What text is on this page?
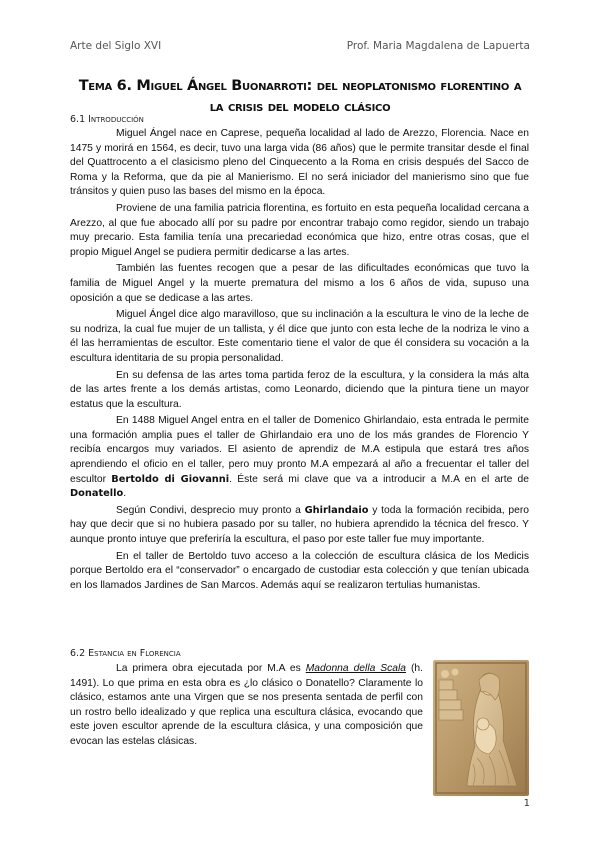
Arte del Siglo XVI	Prof. Maria Magdalena de Lapuerta
Tema 6. Miguel Ángel Buonarroti: del neoplatonismo florentino a
la crisis del modelo clásico
6.1 Introducción

Miguel Ángel nace en Caprese, pequeña localidad al lado de Arezzo, Florencia. Nace en 1475 y morirá en 1564, es decir, tuvo una larga vida (86 años) que le permite transitar desde el final del Quattrocento a el clasicismo pleno del Cinquecento a la Roma en crisis después del Sacco de Roma y la Reforma, que da pie al Manierismo. El no será iniciador del manierismo sino que fue tránsitos y quien puso las bases del mismo en la época.

Proviene de una familia patricia florentina, es fortuito en esta pequeña localidad cercana a Arezzo, al que fue abocado allí por su padre por encontrar trabajo como regidor, siendo un trabajo muy precario. Esta familia tenía una precariedad económica que hizo, entre otras cosas, que el propio Miguel Angel se pudiera permitir dedicarse a las artes.

También las fuentes recogen que a pesar de las dificultades económicas que tuvo la familia de Miguel Angel y la muerte prematura del mismo a los 6 años de vida, supuso una oposición a que se dedicase a las artes.

Miguel Ángel dice algo maravilloso, que su inclinación a la escultura le vino de la leche de su nodriza, la cual fue mujer de un tallista, y él dice que junto con esta leche de la nodriza le vino a él las herramientas de escultor. Este comentario tiene el valor de que él considera su vocación a la escultura identitaria de su propia personalidad.

En su defensa de las artes toma partida feroz de la escultura, y la considera la más alta de las artes frente a los demás artistas, como Leonardo, diciendo que la pintura tiene un mayor estatus que la escultura.

En 1488 Miguel Angel entra en el taller de Domenico Ghirlandaio, esta entrada le permite una formación amplia pues el taller de Ghirlandaio era uno de los más grandes de Florencio Y recibía encargos muy variados. El asiento de aprendiz de M.A estipula que estará tres años aprendiendo el oficio en el taller, pero muy pronto M.A empezará al año a frecuentar el taller del escultor Bertoldo di Giovanni. Éste será mi clave que va a introducir a M.A en el arte de Donatello.

Según Condivi, desprecio muy pronto a Ghirlandaio y toda la formación recibida, pero hay que decir que si no hubiera pasado por su taller, no hubiera aprendido la técnica del fresco. Y aunque pronto intuye que preferiría la escultura, el paso por este taller fue muy importante.

En el taller de Bertoldo tuvo acceso a la colección de escultura clásica de los Medicis porque Bertoldo era el “conservador” o encargado de custodiar esta colección y que tenían ubicada en los llamados Jardines de San Marcos. Además aquí se realizaron tertulias humanistas.

6.2 Estancia en Florencia

La primera obra ejecutada por M.A es Madonna della Scala (h. 1491). Lo que prima en esta obra es ¿lo clásico o Donatello? Claramente lo clásico, estamos ante una Virgen que se nos presenta sentada de perfil con un rostro bello idealizado y que replica una escultura clásica, evocando que este joven escultor aprende de la escultura clásica, y una composición que evocan las estelas clásicas.

1
